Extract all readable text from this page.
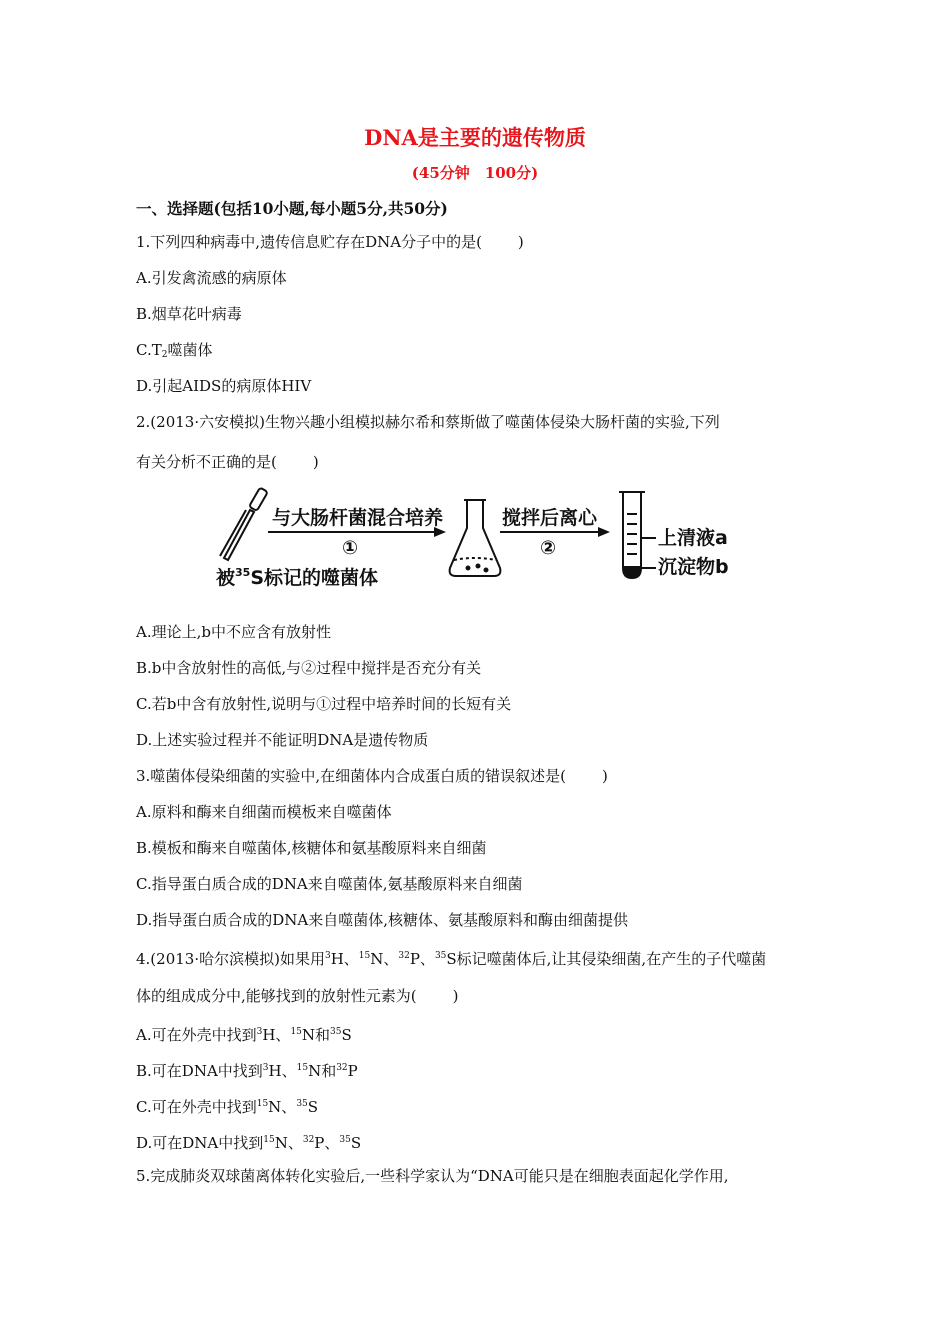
DNA是主要的遗传物质
(45分钟　100分)
一、选择题(包括10小题,每小题5分,共50分)
1.下列四种病毒中,遗传信息贮存在DNA分子中的是( )
A.引发禽流感的病原体
B.烟草花叶病毒
$C.T_2$噬菌体
D.引起AIDS的病原体HIV
2.(2013·六安模拟)生物兴趣小组模拟赫尔希和蔡斯做了噬菌体侵染大肠杆菌的实验,下列
有关分析不正确的是( )
与大肠杆菌混合培养
①
搅拌后离心
②	上清液a
沉淀物b
被$^{35}$S标记的噬菌体
A.理论上,b中不应含有放射性
B.b中含放射性的高低,与②过程中搅拌是否充分有关
C.若b中含有放射性,说明与①过程中培养时间的长短有关
D.上述实验过程并不能证明DNA是遗传物质
3.噬菌体侵染细菌的实验中,在细菌体内合成蛋白质的错误叙述是( )
A.原料和酶来自细菌而模板来自噬菌体
B.模板和酶来自噬菌体,核糖体和氨基酸原料来自细菌
C.指导蛋白质合成的DNA来自噬菌体,氨基酸原料来自细菌
D.指导蛋白质合成的DNA来自噬菌体,核糖体、氨基酸原料和酶由细菌提供
4.(2013·哈尔滨模拟)如果用$^3$H、$^{15}$N、$^{32}$P、$^{35}$S标记噬菌体后,让其侵染细菌,在产生的子代噬菌
体的组成成分中,能够找到的放射性元素为( )
A.可在外壳中找到$^3$H、$^{15}$N和$^{35}$S
B.可在DNA中找到$^3$H、$^{15}$N和$^{32}$P
C.可在外壳中找到$^{15}$N、$^{35}$S
D.可在DNA中找到$^{15}$N、$^{32}$P、$^{35}$S
5.完成肺炎双球菌离体转化实验后,一些科学家认为“DNA可能只是在细胞表面起化学作用,
